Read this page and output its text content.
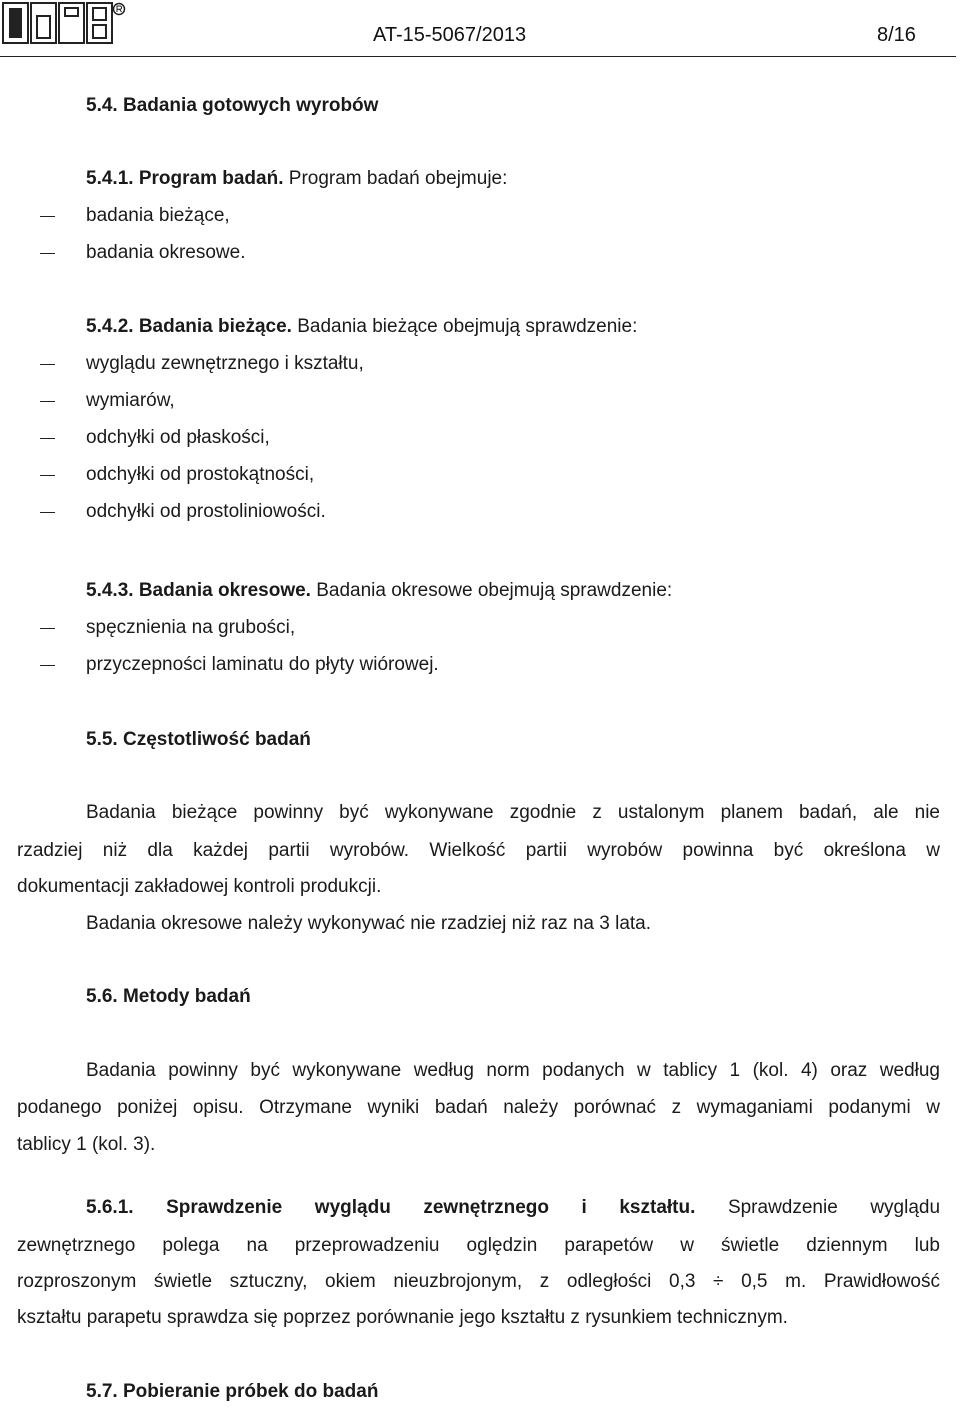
AT-15-5067/2013	8/16
5.4. Badania gotowych wyrobów
5.4.1. Program badań. Program badań obejmuje:
badania bieżące,
badania okresowe.
5.4.2. Badania bieżące. Badania bieżące obejmują sprawdzenie:
wyglądu zewnętrznego i kształtu,
wymiarów,
odchyłki od płaskości,
odchyłki od prostokątności,
odchyłki od prostoliniowości.
5.4.3. Badania okresowe. Badania okresowe obejmują sprawdzenie:
spęcznienia na grubości,
przyczepności laminatu do płyty wiórowej.
5.5. Częstotliwość badań
Badania bieżące powinny być wykonywane zgodnie z ustalonym planem badań, ale nie
rzadziej niż dla każdej partii wyrobów. Wielkość partii wyrobów powinna być określona w
dokumentacji zakładowej kontroli produkcji.
Badania okresowe należy wykonywać nie rzadziej niż raz na 3 lata.
5.6. Metody badań
Badania powinny być wykonywane według norm podanych w tablicy 1 (kol. 4) oraz według
podanego poniżej opisu. Otrzymane wyniki badań należy porównać z wymaganiami podanymi w
tablicy 1 (kol. 3).
5.6.1. Sprawdzenie wyglądu zewnętrznego i kształtu. Sprawdzenie wyglądu
zewnętrznego polega na przeprowadzeniu oględzin parapetów w świetle dziennym lub
rozproszonym świetle sztuczny, okiem nieuzbrojonym, z odległości 0,3 ÷ 0,5 m. Prawidłowość
kształtu parapetu sprawdza się poprzez porównanie jego kształtu z rysunkiem technicznym.
5.7. Pobieranie próbek do badań
